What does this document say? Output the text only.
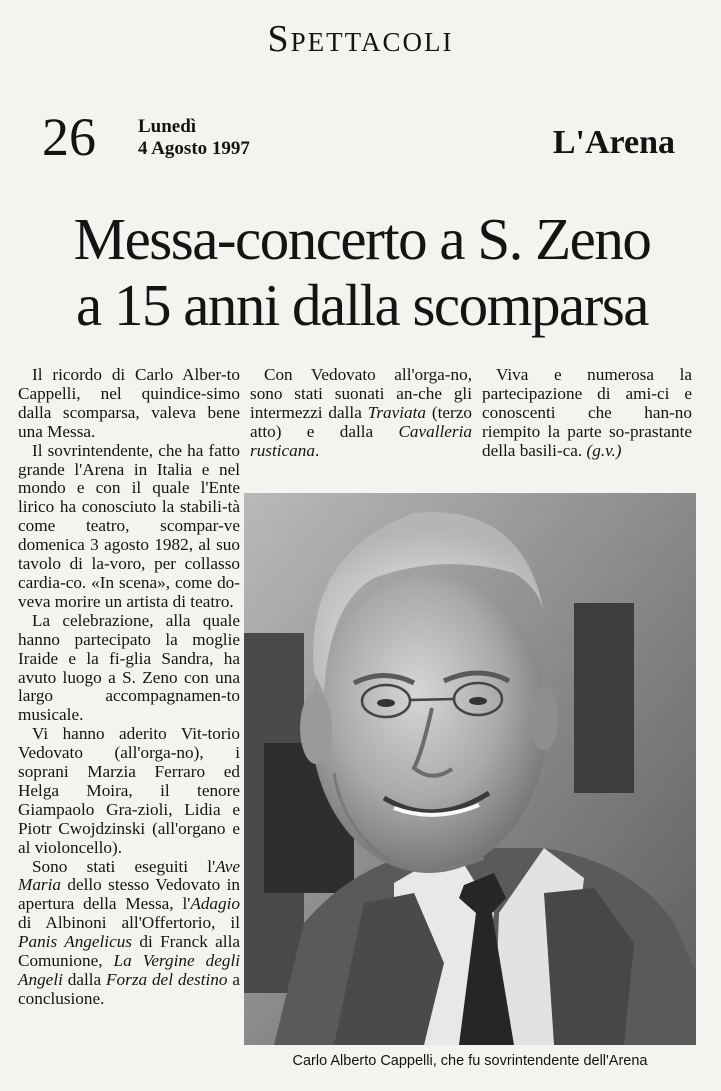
Spettacoli
26 Lunedì
4 Agosto 1997	L'Arena
Messa-concerto a S. Zeno
a 15 anni dalla scomparsa

Il ricordo di Carlo Alber-to Cappelli, nel quindice-simo dalla scomparsa, valeva bene una Messa.

Il sovrintendente, che ha fatto grande l'Arena in Italia e nel mondo e con il quale l'Ente lirico ha conosciuto la stabili-tà come teatro, scompar-ve domenica 3 agosto 1982, al suo tavolo di la-voro, per collasso cardia-co. «In scena», come do-veva morire un artista di teatro.

La celebrazione, alla quale hanno partecipato la moglie Iraide e la fi-glia Sandra, ha avuto luogo a S. Zeno con una largo accompagnamen-to musicale.

Vi hanno aderito Vit-torio Vedovato (all'orga-no), i soprani Marzia Ferraro ed Helga Moira, il tenore Giampaolo Gra-zioli, Lidia e Piotr Cwojdzinski (all'organo e al violoncello).

Sono stati eseguiti l'Ave Maria dello stesso Vedovato in apertura della Messa, l'Adagio di Albinoni all'Offertorio, il Panis Angelicus di Franck alla Comunione, La Vergine degli Angeli dalla Forza del destino a conclusione.

Con Vedovato all'orga-no, sono stati suonati an-che gli intermezzi dalla Traviata (terzo atto) e dalla Cavalleria rusticana.

Viva e numerosa la partecipazione di ami-ci e conoscenti che han-no riempito la parte so-prastante della basili-ca. (g.v.)

Carlo Alberto Cappelli, che fu sovrintendente dell'Arena
